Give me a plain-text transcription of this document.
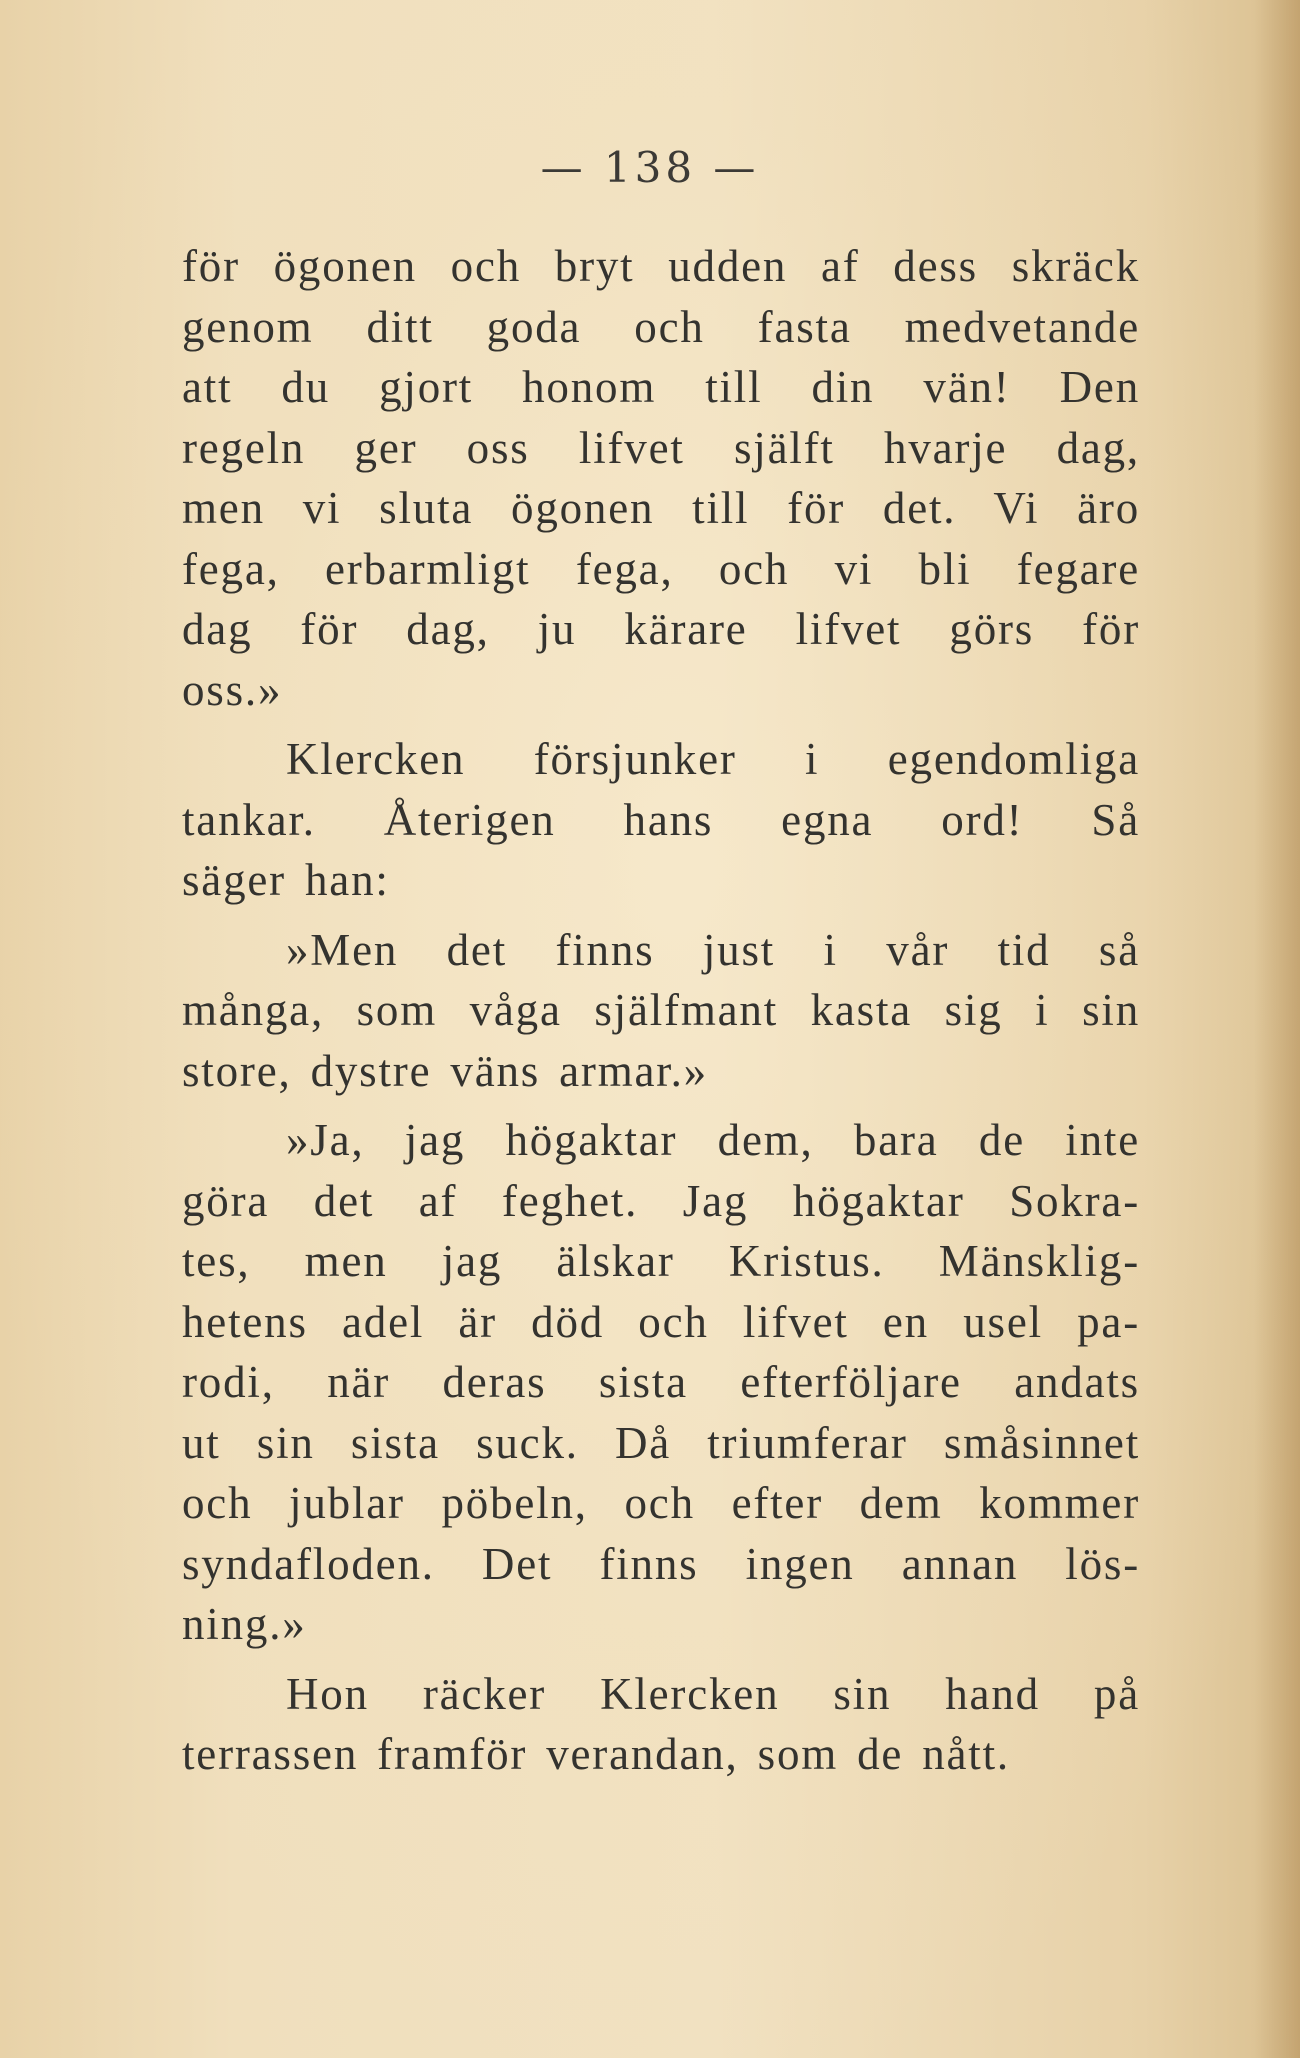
— 138 —
för ögonen och bryt udden af dess skräck
genom ditt goda och fasta medvetande
att du gjort honom till din vän! Den
regeln ger oss lifvet själft hvarje dag,
men vi sluta ögonen till för det. Vi äro
fega, erbarmligt fega, och vi bli fegare
dag för dag, ju kärare lifvet görs för
oss.»
Klercken försjunker i egendomliga
tankar. Återigen hans egna ord! Så
säger han:
»Men det finns just i vår tid så
många, som våga själfmant kasta sig i sin
store, dystre väns armar.»
»Ja, jag högaktar dem, bara de inte
göra det af feghet. Jag högaktar Sokra-
tes, men jag älskar Kristus. Mänsklig-
hetens adel är död och lifvet en usel pa-
rodi, när deras sista efterföljare andats
ut sin sista suck. Då triumferar småsinnet
och jublar pöbeln, och efter dem kommer
syndafloden. Det finns ingen annan lös-
ning.»
Hon räcker Klercken sin hand på
terrassen framför verandan, som de nått.
